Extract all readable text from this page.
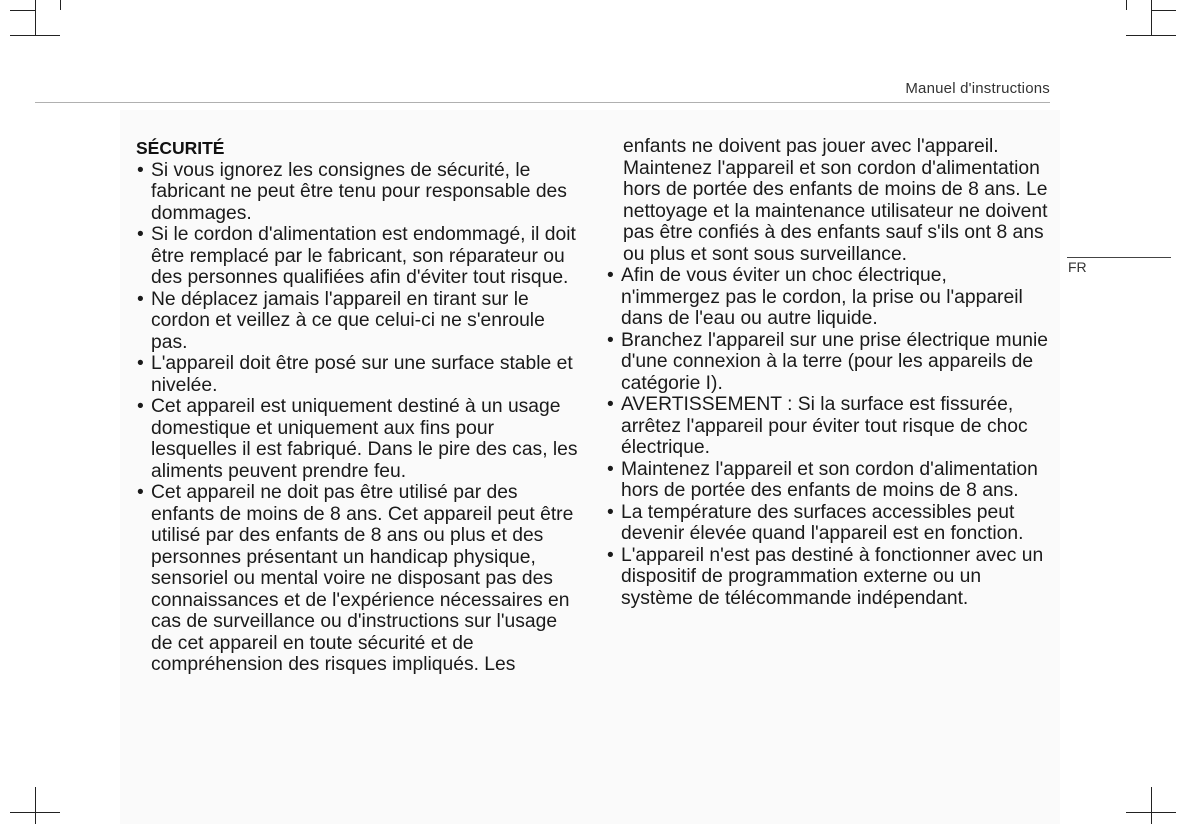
Manuel d'instructions
FR
SÉCURITÉ
• Si vous ignorez les consignes de sécurité, le fabricant ne peut être tenu pour responsable des dommages.
• Si le cordon d'alimentation est endommagé, il doit être remplacé par le fabricant, son réparateur ou des personnes qualifiées afin d'éviter tout risque.
• Ne déplacez jamais l'appareil en tirant sur le cordon et veillez à ce que celui-ci ne s'enroule pas.
• L'appareil doit être posé sur une surface stable et nivelée.
• Cet appareil est uniquement destiné à un usage domestique et uniquement aux fins pour lesquelles il est fabriqué. Dans le pire des cas, les aliments peuvent prendre feu.
• Cet appareil ne doit pas être utilisé par des enfants de moins de 8 ans. Cet appareil peut être utilisé par des enfants de 8 ans ou plus et des personnes présentant un handicap physique, sensoriel ou mental voire ne disposant pas des connaissances et de l'expérience nécessaires en cas de surveillance ou d'instructions sur l'usage de cet appareil en toute sécurité et de compréhension des risques impliqués. Les

enfants ne doivent pas jouer avec l'appareil. Maintenez l'appareil et son cordon d'alimentation hors de portée des enfants de moins de 8 ans. Le nettoyage et la maintenance utilisateur ne doivent pas être confiés à des enfants sauf s'ils ont 8 ans ou plus et sont sous surveillance.

• Afin de vous éviter un choc électrique, n'immergez pas le cordon, la prise ou l'appareil dans de l'eau ou autre liquide.
• Branchez l'appareil sur une prise électrique munie d'une connexion à la terre (pour les appareils de catégorie I).
• AVERTISSEMENT : Si la surface est fissurée, arrêtez l'appareil pour éviter tout risque de choc électrique.
• Maintenez l'appareil et son cordon d'alimentation hors de portée des enfants de moins de 8 ans.
• La température des surfaces accessibles peut devenir élevée quand l'appareil est en fonction.
• L'appareil n'est pas destiné à fonctionner avec un dispositif de programmation externe ou un système de télécommande indépendant.
